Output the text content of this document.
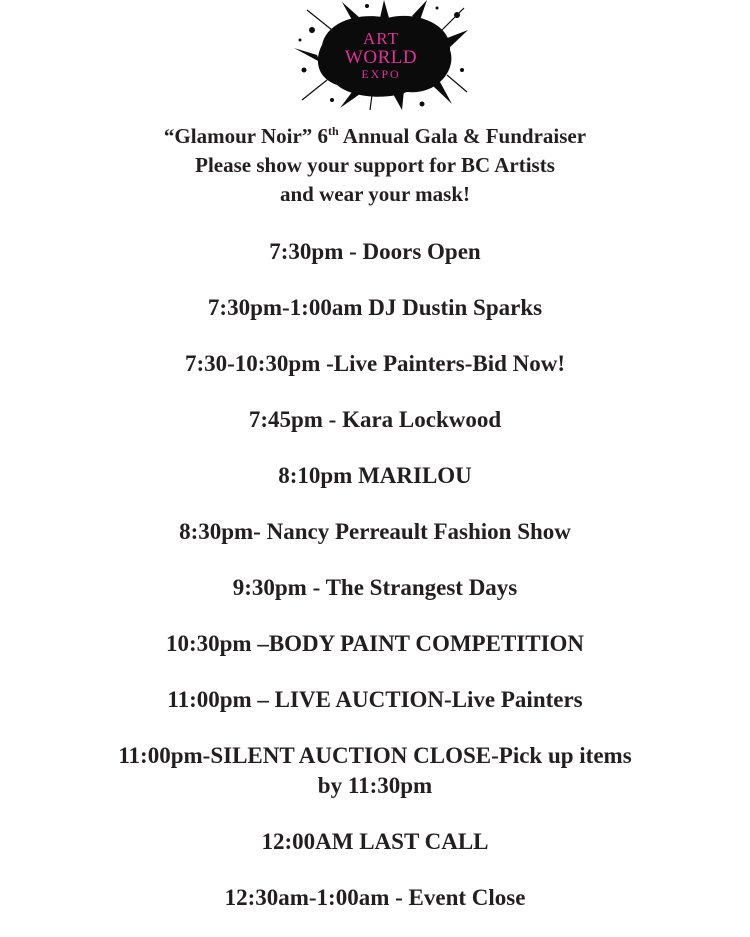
ART
WORLD
EXPO
“Glamour Noir” 6th Annual Gala & Fundraiser
Please show your support for BC Artists
and wear your mask!
7:30pm - Doors Open
7:30pm-1:00am DJ Dustin Sparks
7:30-10:30pm -Live Painters-Bid Now!
7:45pm - Kara Lockwood
8:10pm MARILOU
8:30pm- Nancy Perreault Fashion Show
9:30pm - The Strangest Days
10:30pm –BODY PAINT COMPETITION
11:00pm – LIVE AUCTION-Live Painters
11:00pm-SILENT AUCTION CLOSE-Pick up items by 11:30pm
12:00AM LAST CALL
12:30am-1:00am - Event Close
